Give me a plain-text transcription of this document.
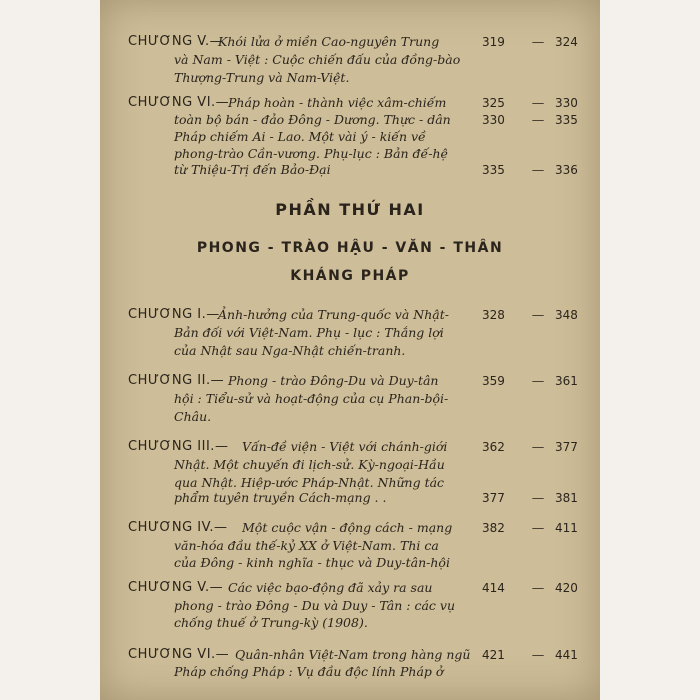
CHƯƠNG V.—
Khói lửa ở miền Cao-nguyên Trung	319	— 324
và Nam - Việt : Cuộc chiến đấu của đồng-bào
Thượng-Trung và Nam-Việt.
CHƯƠNG VI.—
Pháp hoàn - thành việc xâm-chiếm	325	— 330
toàn bộ bán - đảo Đông - Dương. Thực - dân	330	— 335
Pháp chiếm Ai - Lao. Một vài ý - kiến về
phong-trào Cần-vương. Phụ-lục : Bản đế-hệ
từ Thiệu-Trị đến Bảo-Đại	335	— 336
PHẦN THỨ HAI
PHONG - TRÀO HẬU - VĂN - THÂN
KHÁNG PHÁP
CHƯƠNG I.—
Ảnh-hưởng của Trung-quốc và Nhật-	328	— 348
Bản đối với Việt-Nam. Phụ - lục : Thắng lợi
của Nhật sau Nga-Nhật chiến-tranh.
CHƯƠNG II.— Phong - trào Đông-Du và Duy-tân	359	— 361
hội : Tiểu-sử và hoạt-động của cụ Phan-bội-
Châu.
CHƯƠNG III.— Vấn-đề viện - Việt với chánh-giới	362	— 377
Nhật. Một chuyến đi lịch-sử. Kỳ-ngoại-Hầu
qua Nhật. Hiệp-ước Pháp-Nhật. Những tác
phẩm tuyên truyền Cách-mạng . .	377	— 381
CHƯƠNG IV.— Một cuộc vận - động cách - mạng 382	— 411
văn-hóa đầu thế-kỷ XX ở Việt-Nam. Thi ca
của Đông - kinh nghĩa - thục và Duy-tân-hội
CHƯƠNG V.— Các việc bạo-động đã xảy ra sau	414	— 420
phong - trào Đông - Du và Duy - Tân : các vụ
chống thuế ở Trung-kỳ (1908).
CHƯƠNG VI.— Quân-nhân Việt-Nam trong hàng ngũ 421	— 441
Pháp chống Pháp : Vụ đầu độc lính Pháp ở
